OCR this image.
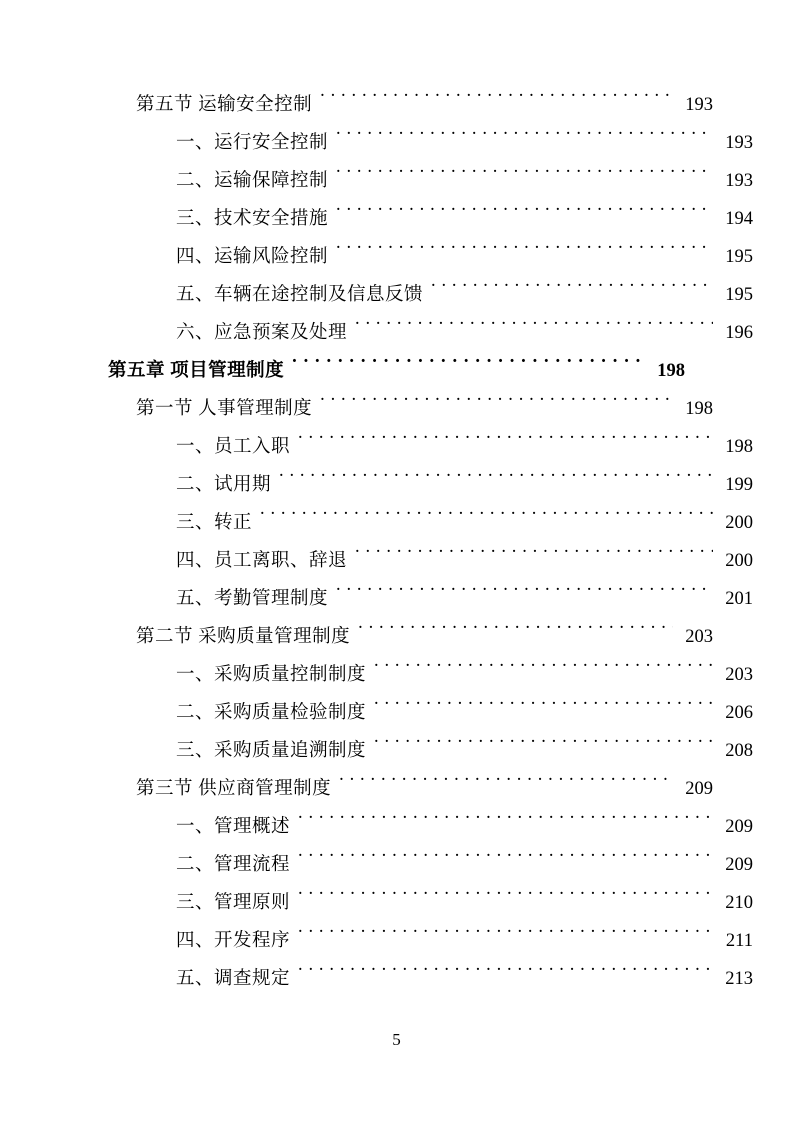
第五节 运输安全控制 . . .	193
一、运行安全控制 . . .	193
二、运输保障控制 . . .	193
三、技术安全措施 . . .	194
四、运输风险控制 . . .	195
五、车辆在途控制及信息反馈 . . .	195
六、应急预案及处理 . . .	196
第五章 项目管理制度 . . .	198
第一节 人事管理制度 . . .	198
一、员工入职 . . .	198
二、试用期 . . .	199
三、转正 . . .	200
四、员工离职、辞退 . . .	200
五、考勤管理制度 . . .	201
第二节 采购质量管理制度 . . .	203
一、采购质量控制制度 . . .	203
二、采购质量检验制度 . . .	206
三、采购质量追溯制度 . . .	208
第三节 供应商管理制度 . . .	209
一、管理概述 . . .	209
二、管理流程 . . .	209
三、管理原则 . . .	210
四、开发程序 . . .	211
五、调查规定 . . .	213
5
